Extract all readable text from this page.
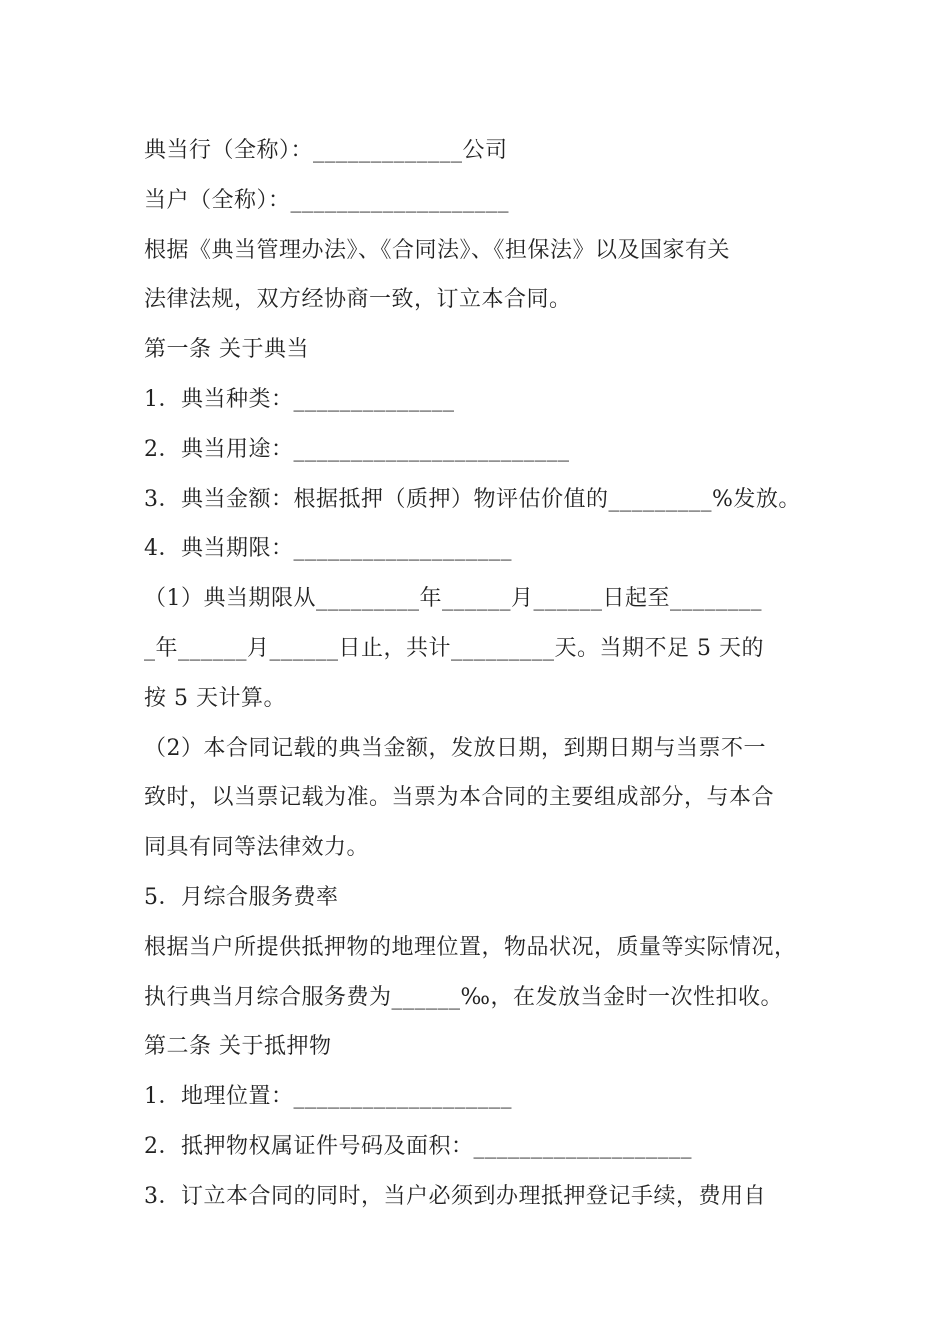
典当行（全称）：_____________公司
当户（全称）：___________________
根据《典当管理办法》、《合同法》、《担保法》以及国家有关
法律法规，双方经协商一致，订立本合同。
第一条 关于典当
1．典当种类：______________
2．典当用途：________________________
3．典当金额：根据抵押（质押）物评估价值的_________%发放。
4．典当期限：___________________
（1）典当期限从_________年______月______日起至________
_年______月______日止，共计_________天。当期不足 5 天的
按 5 天计算。
（2）本合同记载的典当金额，发放日期，到期日期与当票不一
致时，以当票记载为准。当票为本合同的主要组成部分，与本合
同具有同等法律效力。
5．月综合服务费率
根据当户所提供抵押物的地理位置，物品状况，质量等实际情况，
执行典当月综合服务费为______‰，在发放当金时一次性扣收。
第二条 关于抵押物
1．地理位置：___________________
2．抵押物权属证件号码及面积：___________________
3．订立本合同的同时，当户必须到办理抵押登记手续，费用自
